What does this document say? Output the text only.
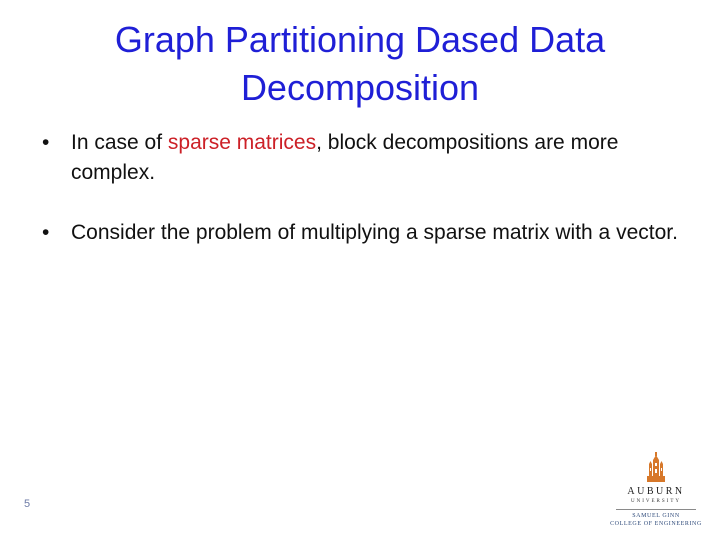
Graph Partitioning Dased Data Decomposition
• In case of sparse matrices, block decompositions are more complex.
• Consider the problem of multiplying a sparse matrix with a vector.
5
AUBURN
UNIVERSITY
SAMUEL GINN
COLLEGE OF ENGINEERING
